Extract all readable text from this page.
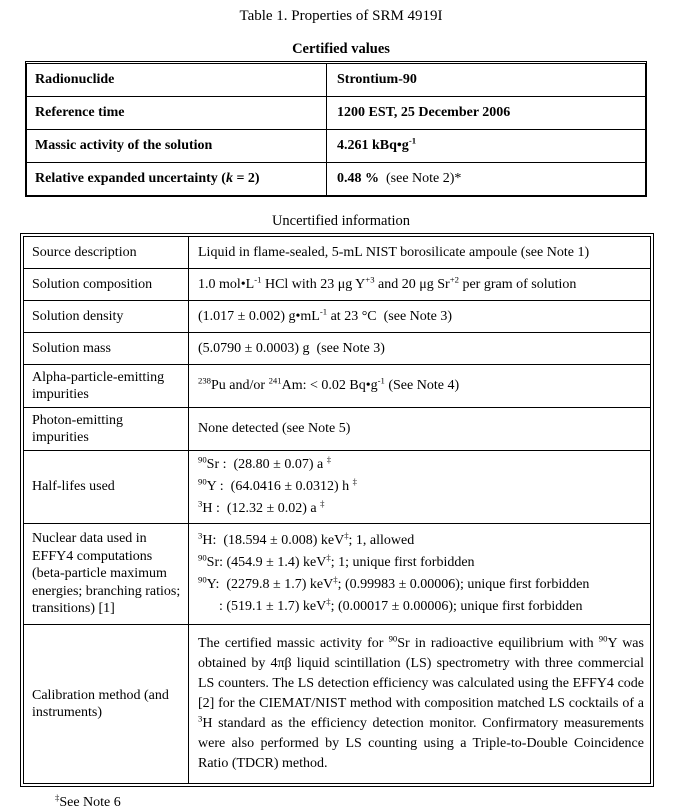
Table 1. Properties of SRM 4919I
Certified values
Radionuclide	Strontium-90
Reference time	1200 EST, 25 December 2006
Massic activity of the solution	4.261 $kBq•g^{-1}$
Relative expanded uncertainty (k = 2)	0.48 %  (see Note 2)*
Uncertified information
Source description	Liquid in flame-sealed, 5-mL NIST borosilicate ampoule (see Note 1)

Solution composition	1.0 $mol•L^{-1}$ HCl with 23 μg $Y^{+3}$ and 20 μg $Sr^{+2}$ per gram of solution

Solution density	(1.017 ± 0.002) $g•mL^{-1}$ at 23 °C  (see Note 3)

Solution mass	(5.0790 ± 0.0003) g  (see Note 3)

Alpha-particle-emitting impurities	$^{238}$Pu and/or $^{241}$Am: < 0.02 $Bq•g^{-1}$ (See Note 4)

Photon-emitting impurities	None detected (see Note 5)

Half-lifes used	$^{90}$Sr :  (28.80 ± 0.07) a ‡
$^{90}$Y :  (64.0416 ± 0.0312) h ‡
$^3$H :  (12.32 ± 0.02) a ‡

Nuclear data used in EFFY4 computations (beta-particle maximum energies; branching ratios; transitions) [1]	$^3$H:  (18.594 ± 0.008) keV‡; 1, allowed
$^{90}$Sr: (454.9 ± 1.4) keV‡; 1; unique first forbidden
$^{90}$Y:  (2279.8 ± 1.7) keV‡; (0.99983 ± 0.00006); unique first forbidden
: (519.1 ± 1.7) keV‡; (0.00017 ± 0.00006); unique first forbidden

Calibration method (and instruments)	The certified massic activity for $^{90}$Sr in radioactive equilibrium with $^{90}$Y was obtained by 4πβ liquid scintillation (LS) spectrometry with three commercial LS counters. The LS detection efficiency was calculated using the EFFY4 code [2] for the CIEMAT/NIST method with composition matched LS cocktails of a $^3$H standard as the efficiency detection monitor. Confirmatory measurements were also performed by LS counting using a Triple-to-Double Coincidence Ratio (TDCR) method.
‡See Note 6
